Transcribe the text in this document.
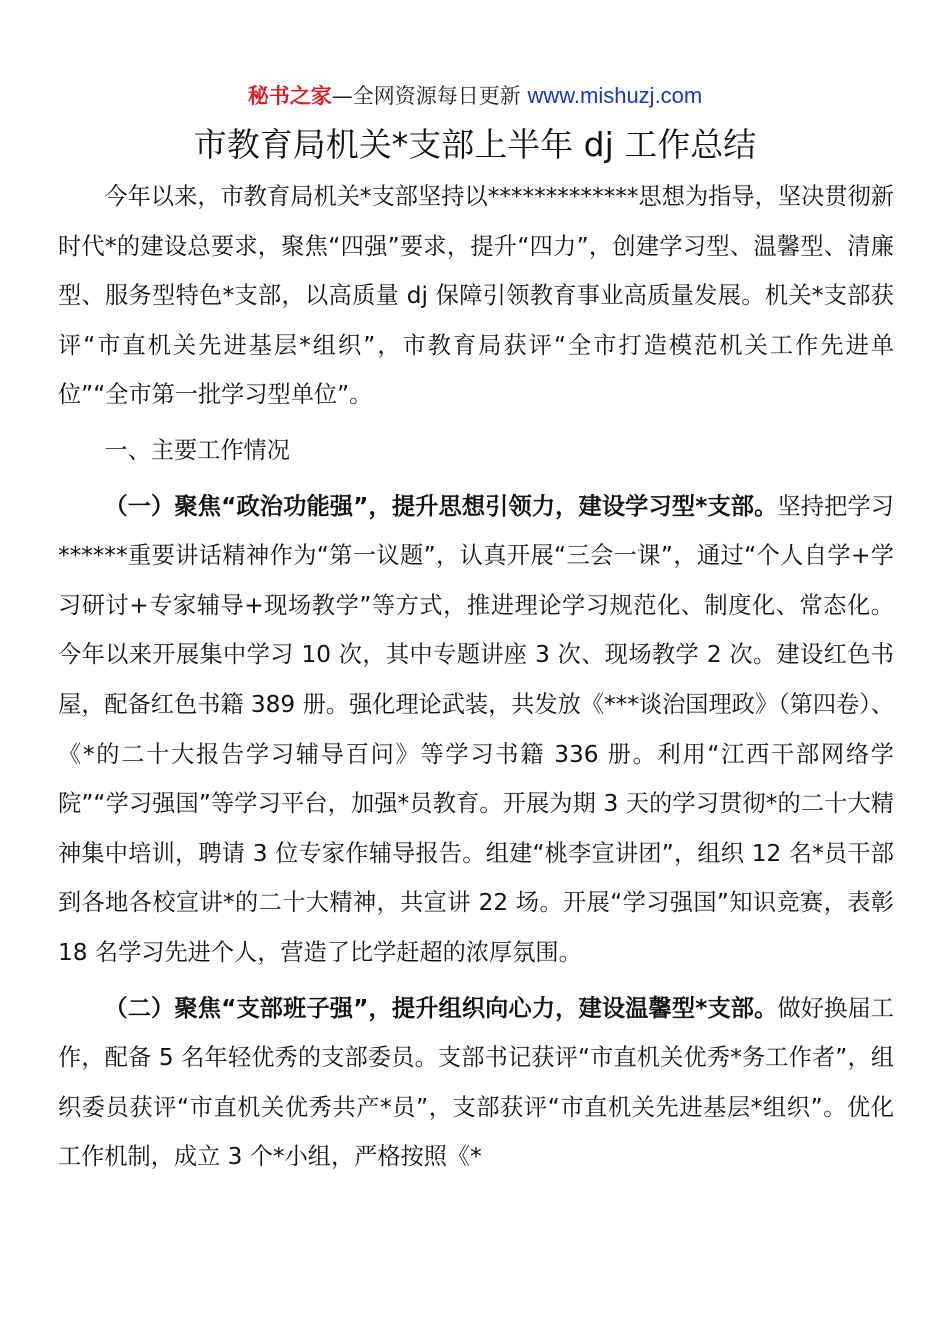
秘书之家—全网资源每日更新 www.mishuzj.com
市教育局机关*支部上半年 dj 工作总结

今年以来，市教育局机关*支部坚持以*************思想为指导，坚决贯彻新时代*的建设总要求，聚焦“四强”要求，提升“四力”，创建学习型、温馨型、清廉型、服务型特色*支部，以高质量 dj 保障引领教育事业高质量发展。机关*支部获评“市直机关先进基层*组织”，市教育局获评“全市打造模范机关工作先进单位”“全市第一批学习型单位”。

一、主要工作情况

（一）聚焦“政治功能强”，提升思想引领力，建设学习型*支部。坚持把学习******重要讲话精神作为“第一议题”，认真开展“三会一课”，通过“个人自学+学习研讨+专家辅导+现场教学”等方式，推进理论学习规范化、制度化、常态化。今年以来开展集中学习 10 次，其中专题讲座 3 次、现场教学 2 次。建设红色书屋，配备红色书籍 389 册。强化理论武装，共发放《***谈治国理政》（第四卷）、《*的二十大报告学习辅导百问》等学习书籍 336 册。利用“江西干部网络学院”“学习强国”等学习平台，加强*员教育。开展为期 3 天的学习贯彻*的二十大精神集中培训，聘请 3 位专家作辅导报告。组建“桃李宣讲团”，组织 12 名*员干部到各地各校宣讲*的二十大精神，共宣讲 22 场。开展“学习强国”知识竞赛，表彰 18 名学习先进个人，营造了比学赶超的浓厚氛围。

（二）聚焦“支部班子强”，提升组织向心力，建设温馨型*支部。做好换届工作，配备 5 名年轻优秀的支部委员。支部书记获评“市直机关优秀*务工作者”，组织委员获评“市直机关优秀共产*员”，支部获评“市直机关先进基层*组织”。优化工作机制，成立 3 个*小组，严格按照《*
